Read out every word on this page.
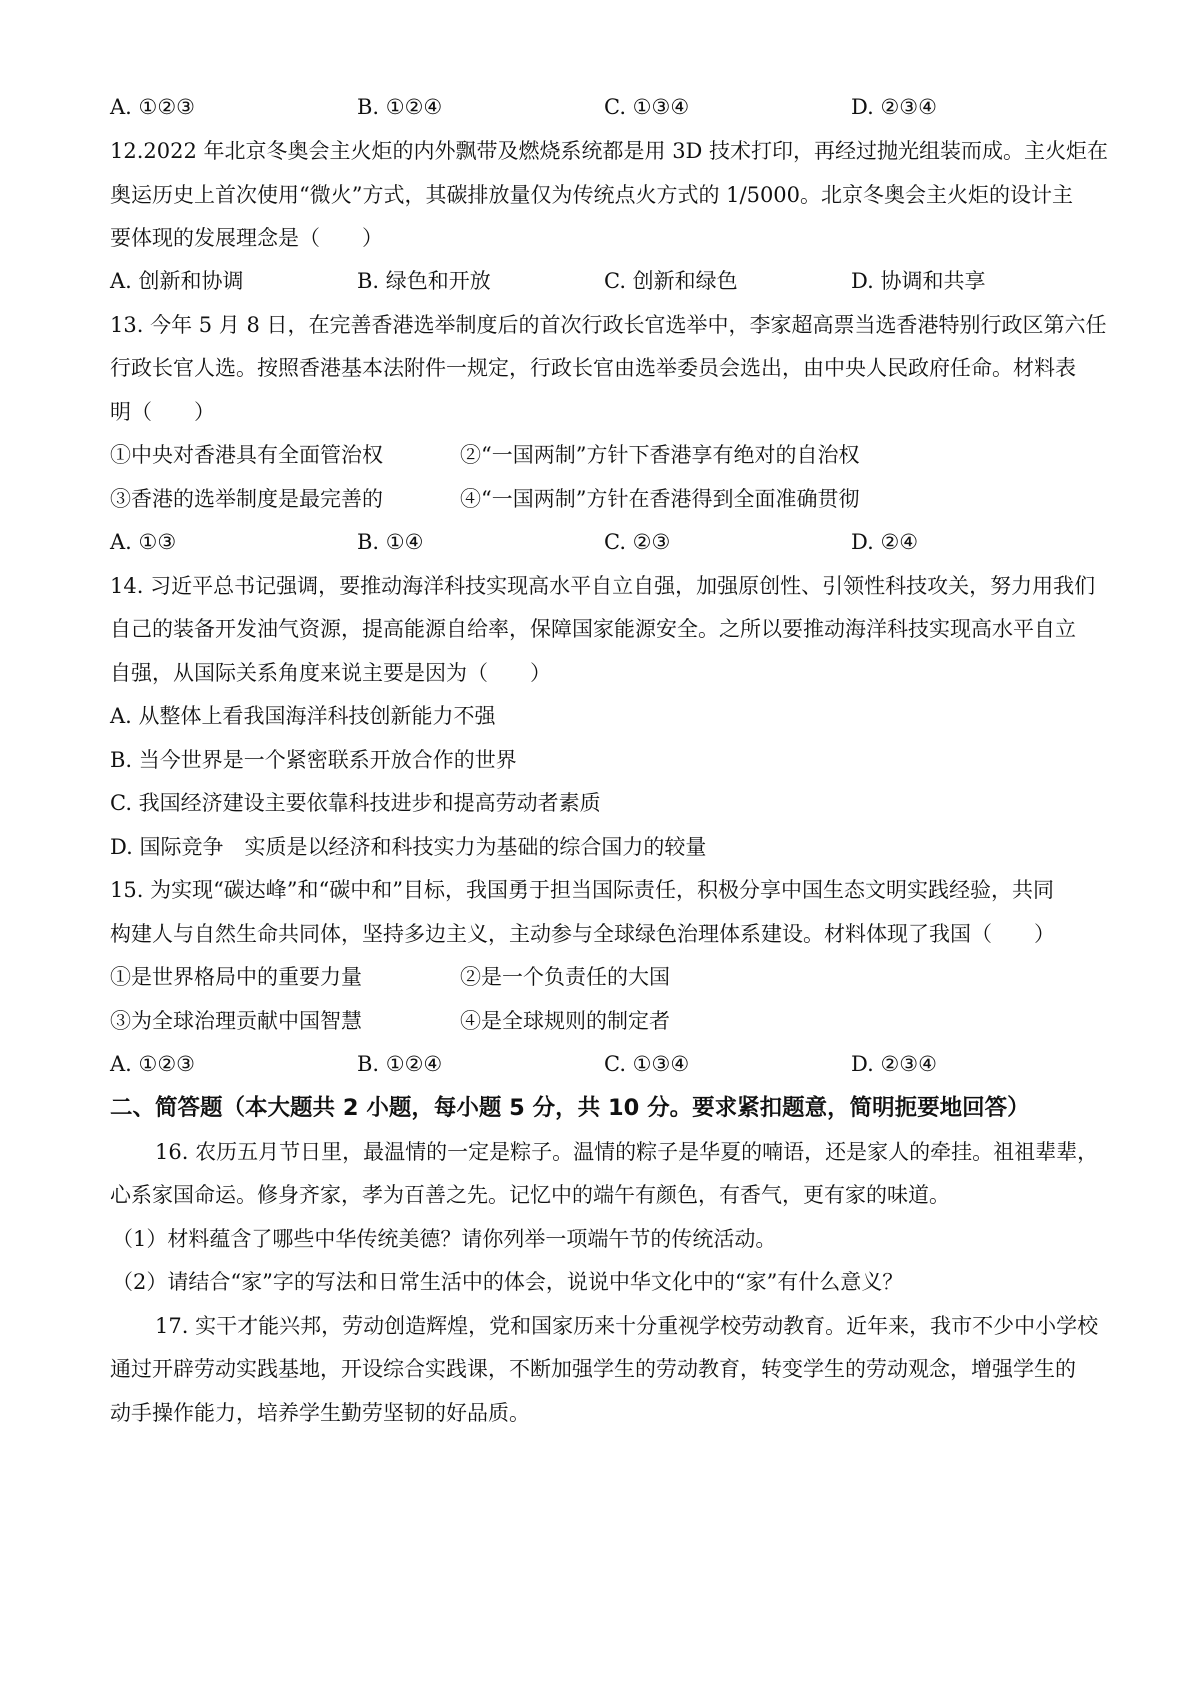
A. ①②③	B. ①②④	C. ①③④	D. ②③④
12.2022 年北京冬奥会主火炬的内外飘带及燃烧系统都是用 3D 技术打印，再经过抛光组装而成。主火炬在
奥运历史上首次使用“微火”方式，其碳排放量仅为传统点火方式的 1/5000。北京冬奥会主火炬的设计主
要体现的发展理念是（　　）
A. 创新和协调	B. 绿色和开放	C. 创新和绿色	D. 协调和共享
13. 今年 5 月 8 日，在完善香港选举制度后的首次行政长官选举中，李家超高票当选香港特别行政区第六任
行政长官人选。按照香港基本法附件一规定，行政长官由选举委员会选出，由中央人民政府任命。材料表
明（　　）
①中央对香港具有全面管治权	②“一国两制”方针下香港享有绝对的自治权
③香港的选举制度是最完善的	④“一国两制”方针在香港得到全面准确贯彻
A. ①③	B. ①④	C. ②③	D. ②④
14. 习近平总书记强调，要推动海洋科技实现高水平自立自强，加强原创性、引领性科技攻关，努力用我们
自己的装备开发油气资源，提高能源自给率，保障国家能源安全。之所以要推动海洋科技实现高水平自立
自强，从国际关系角度来说主要是因为（　　）
A. 从整体上看我国海洋科技创新能力不强
B. 当今世界是一个紧密联系开放合作的世界
C. 我国经济建设主要依靠科技进步和提高劳动者素质
D. 国际竞争　实质是以经济和科技实力为基础的综合国力的较量
15. 为实现“碳达峰”和“碳中和”目标，我国勇于担当国际责任，积极分享中国生态文明实践经验，共同
构建人与自然生命共同体，坚持多边主义，主动参与全球绿色治理体系建设。材料体现了我国（　　）
①是世界格局中的重要力量	②是一个负责任的大国
③为全球治理贡献中国智慧	④是全球规则的制定者
A. ①②③	B. ①②④	C. ①③④	D. ②③④
二、简答题（本大题共 2 小题，每小题 5 分，共 10 分。要求紧扣题意，简明扼要地回答）
16. 农历五月节日里，最温情的一定是粽子。温情的粽子是华夏的喃语，还是家人的牵挂。祖祖辈辈，
心系家国命运。修身齐家，孝为百善之先。记忆中的端午有颜色，有香气，更有家的味道。
（1）材料蕴含了哪些中华传统美德？请你列举一项端午节的传统活动。
（2）请结合“家”字的写法和日常生活中的体会，说说中华文化中的“家”有什么意义？
17. 实干才能兴邦，劳动创造辉煌，党和国家历来十分重视学校劳动教育。近年来，我市不少中小学校
通过开辟劳动实践基地，开设综合实践课，不断加强学生的劳动教育，转变学生的劳动观念，增强学生的
动手操作能力，培养学生勤劳坚韧的好品质。
